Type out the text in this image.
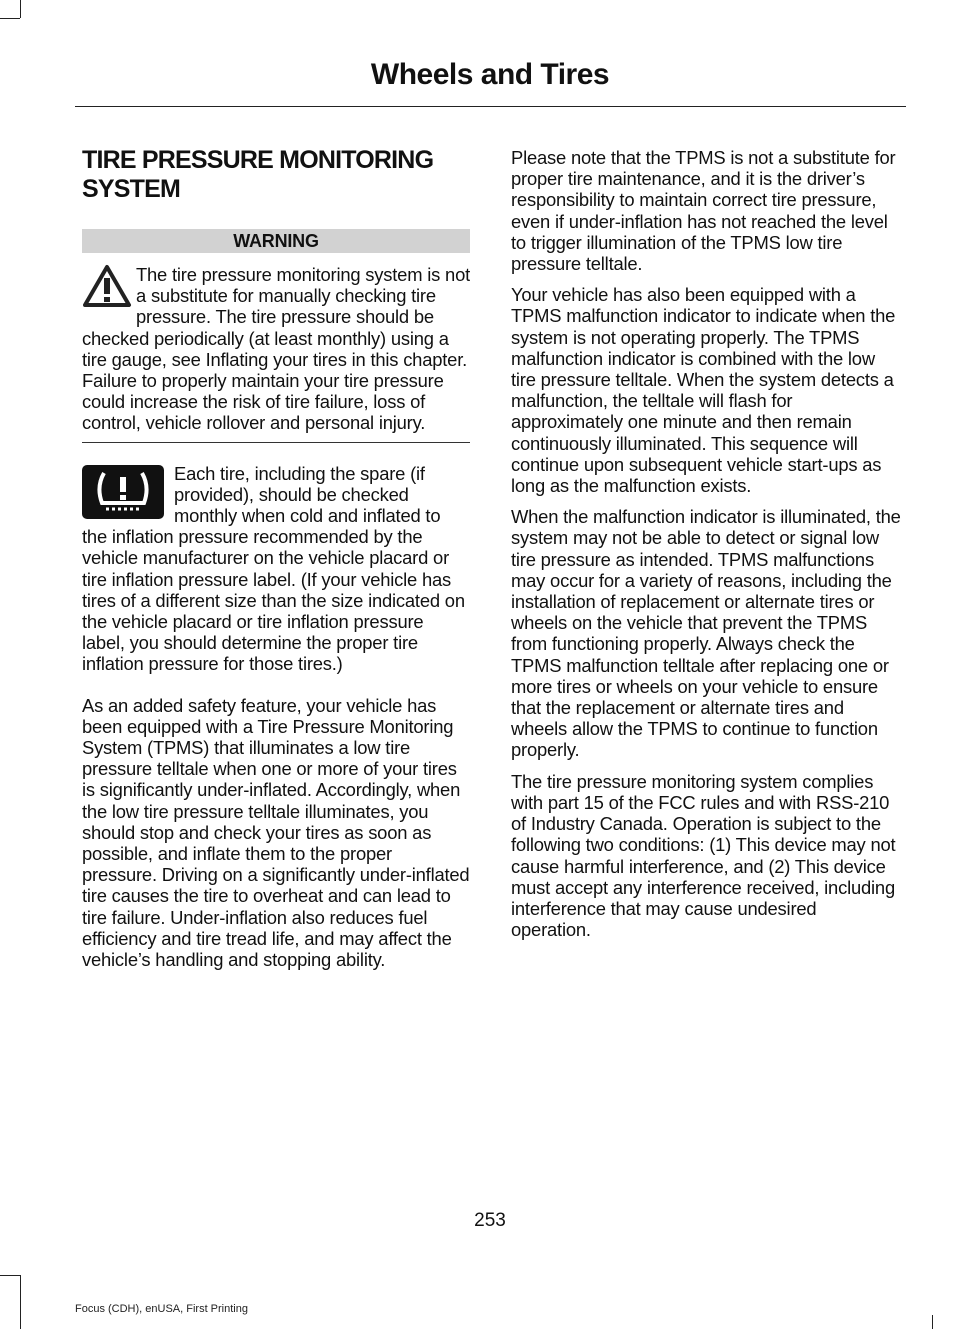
Wheels and Tires
TIRE PRESSURE MONITORING SYSTEM
WARNING
The tire pressure monitoring system is not a substitute for manually checking tire pressure. The tire pressure should be checked periodically (at least monthly) using a tire gauge, see Inflating your tires in this chapter. Failure to properly maintain your tire pressure could increase the risk of tire failure, loss of control, vehicle rollover and personal injury.
Each tire, including the spare (if provided), should be checked monthly when cold and inflated to the inflation pressure recommended by the vehicle manufacturer on the vehicle placard or tire inflation pressure label. (If your vehicle has tires of a different size than the size indicated on the vehicle placard or tire inflation pressure label, you should determine the proper tire inflation pressure for those tires.)

As an added safety feature, your vehicle has been equipped with a Tire Pressure Monitoring System (TPMS) that illuminates a low tire pressure telltale when one or more of your tires is significantly under-inflated. Accordingly, when the low tire pressure telltale illuminates, you should stop and check your tires as soon as possible, and inflate them to the proper pressure. Driving on a significantly under-inflated tire causes the tire to overheat and can lead to tire failure. Under-inflation also reduces fuel efficiency and tire tread life, and may affect the vehicle’s handling and stopping ability.

Please note that the TPMS is not a substitute for proper tire maintenance, and it is the driver’s responsibility to maintain correct tire pressure, even if under-inflation has not reached the level to trigger illumination of the TPMS low tire pressure telltale.

Your vehicle has also been equipped with a TPMS malfunction indicator to indicate when the system is not operating properly. The TPMS malfunction indicator is combined with the low tire pressure telltale. When the system detects a malfunction, the telltale will flash for approximately one minute and then remain continuously illuminated. This sequence will continue upon subsequent vehicle start-ups as long as the malfunction exists.

When the malfunction indicator is illuminated, the system may not be able to detect or signal low tire pressure as intended. TPMS malfunctions may occur for a variety of reasons, including the installation of replacement or alternate tires or wheels on the vehicle that prevent the TPMS from functioning properly. Always check the TPMS malfunction telltale after replacing one or more tires or wheels on your vehicle to ensure that the replacement or alternate tires and wheels allow the TPMS to continue to function properly.

The tire pressure monitoring system complies with part 15 of the FCC rules and with RSS-210 of Industry Canada. Operation is subject to the following two conditions: (1) This device may not cause harmful interference, and (2) This device must accept any interference received, including interference that may cause undesired operation.

253
Focus (CDH), enUSA, First Printing
